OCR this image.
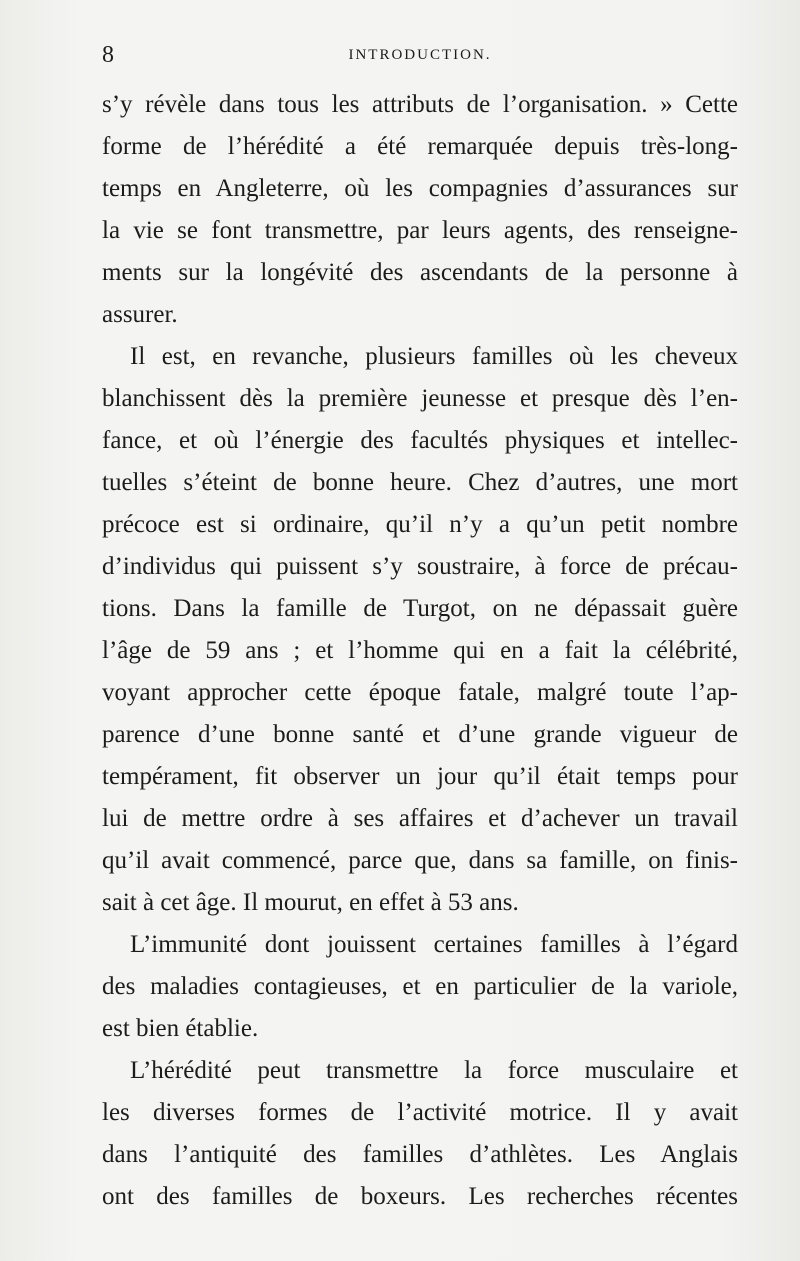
8	INTRODUCTION.
s’y révèle dans tous les attributs de l’organisation. » Cette
forme de l’hérédité a été remarquée depuis très-long-
temps en Angleterre, où les compagnies d’assurances sur
la vie se font transmettre, par leurs agents, des renseigne-
ments sur la longévité des ascendants de la personne à
assurer.
Il est, en revanche, plusieurs familles où les cheveux
blanchissent dès la première jeunesse et presque dès l’en-
fance, et où l’énergie des facultés physiques et intellec-
tuelles s’éteint de bonne heure. Chez d’autres, une mort
précoce est si ordinaire, qu’il n’y a qu’un petit nombre
d’individus qui puissent s’y soustraire, à force de précau-
tions. Dans la famille de Turgot, on ne dépassait guère
l’âge de 59 ans ; et l’homme qui en a fait la célébrité,
voyant approcher cette époque fatale, malgré toute l’ap-
parence d’une bonne santé et d’une grande vigueur de
tempérament, fit observer un jour qu’il était temps pour
lui de mettre ordre à ses affaires et d’achever un travail
qu’il avait commencé, parce que, dans sa famille, on finis-
sait à cet âge. Il mourut, en effet à 53 ans.
L’immunité dont jouissent certaines familles à l’égard
des maladies contagieuses, et en particulier de la variole,
est bien établie.
L’hérédité peut transmettre la force musculaire et
les diverses formes de l’activité motrice. Il y avait
dans l’antiquité des familles d’athlètes. Les Anglais
ont des familles de boxeurs. Les recherches récentes
